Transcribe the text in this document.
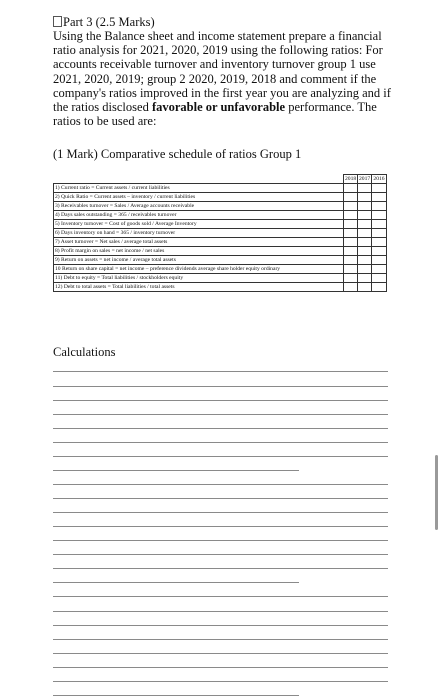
Part 3 (2.5 Marks)
Using the Balance sheet and income statement prepare a financial ratio analysis for 2021, 2020, 2019 using the following ratios: For accounts receivable turnover and inventory turnover group 1 use 2021, 2020, 2019; group 2 2020, 2019, 2018 and comment if the company's ratios improved in the first year you are analyzing and if the ratios disclosed favorable or unfavorable performance. The ratios to be used are:
(1 Mark) Comparative schedule of ratios Group 1
	2018	2017	2016
1) Current ratio = Current assets / current liabilities			
2) Quick Ratio = Current assets – inventory / current liabilities			
3) Receivables turnover = Sales / Average accounts receivable			
4) Days sales outstanding = 365 / receivables turnover			
5) Inventory turnover = Cost of goods sold / Average Inventory			
6) Days inventory on hand = 365 / inventory turnover			
7) Asset turnover = Net sales / average total assets			
8) Profit margin on sales = net income / net sales			
9) Return on assets = net income / average total assets			
10 Return on share capital = net income – preference dividends average share holder equity ordinary			
11) Debt to equity = Total liabilities / stockholders equity			
12) Debt to total assets = Total liabilities / total assets			
Calculations
